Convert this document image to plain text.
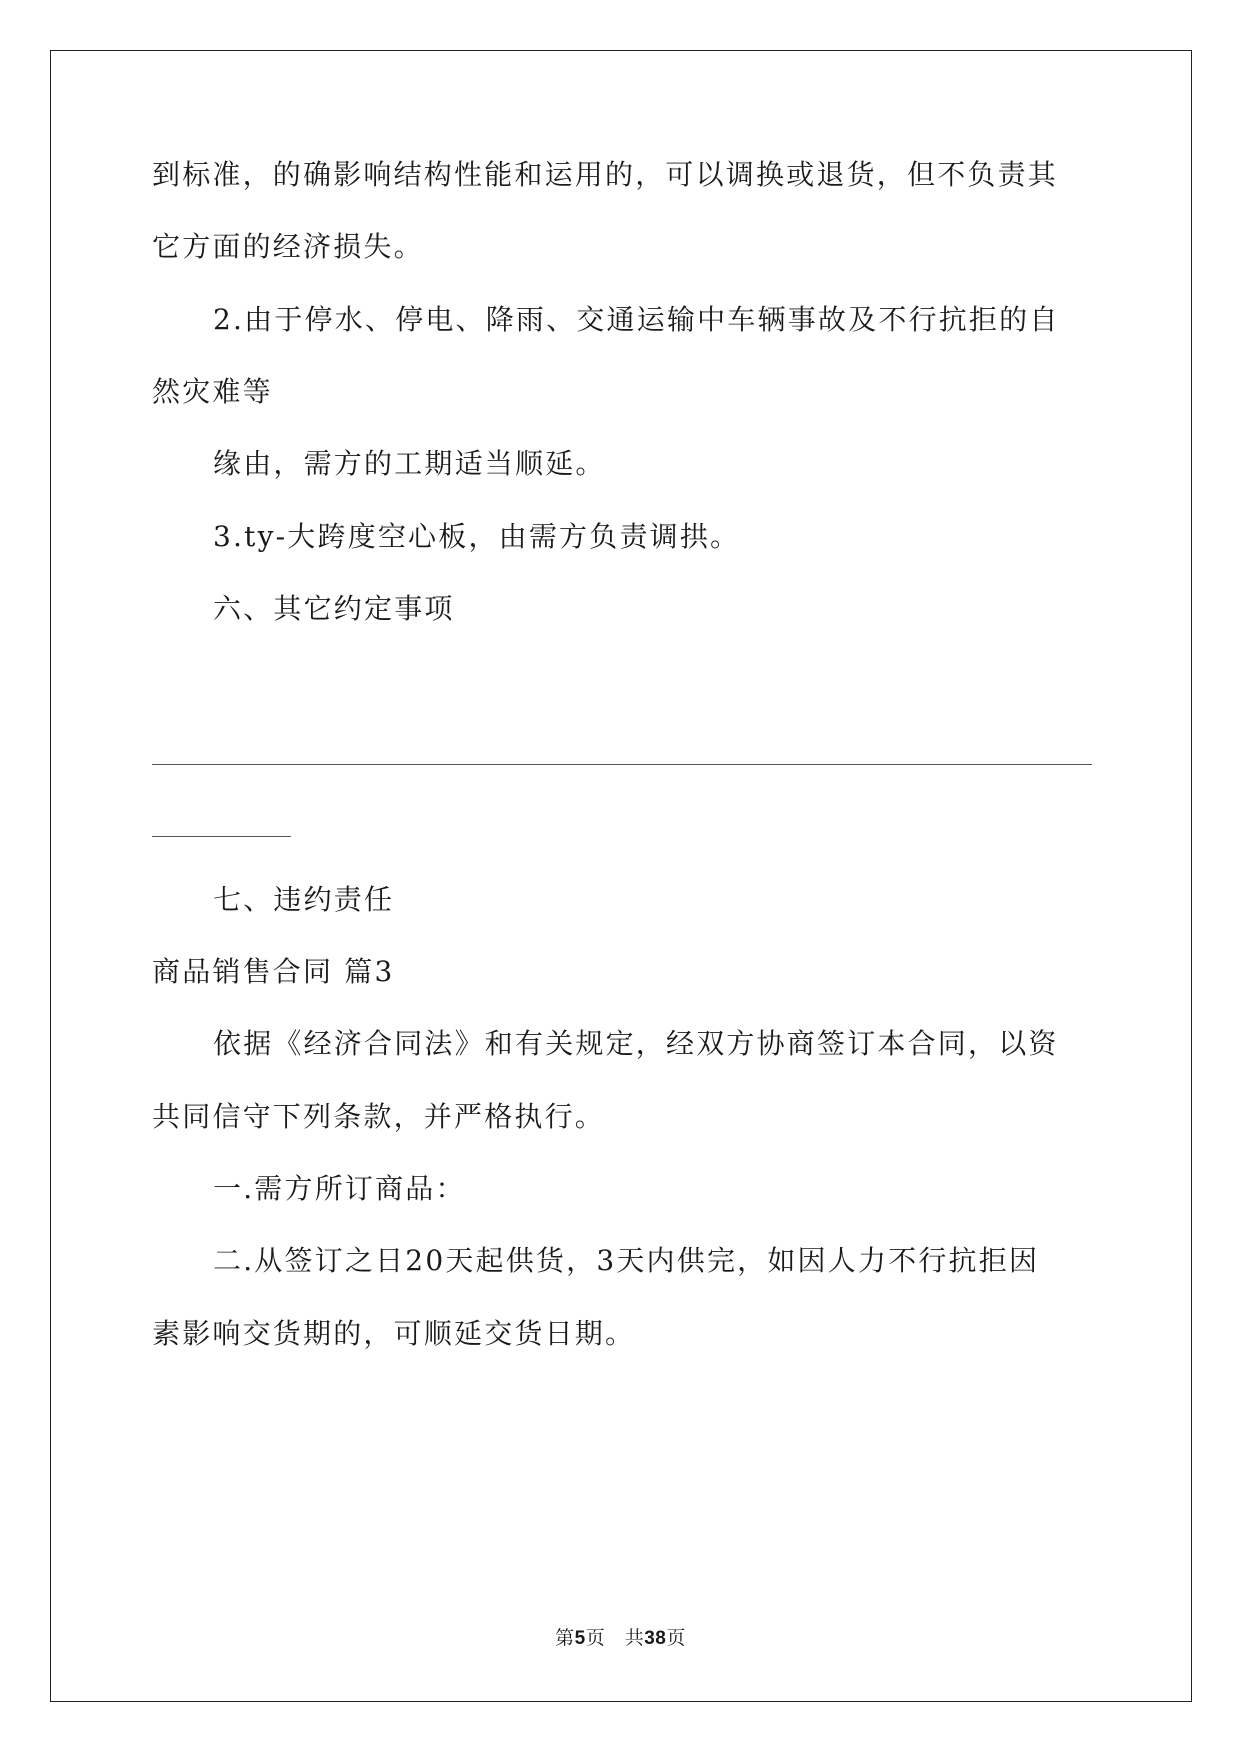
到标准，的确影响结构性能和运用的，可以调换或退货，但不负责其
它方面的经济损失。
2.由于停水、停电、降雨、交通运输中车辆事故及不行抗拒的自
然灾难等
缘由，需方的工期适当顺延。
3.ty-大跨度空心板，由需方负责调拱。
六、其它约定事项
七、违约责任
商品销售合同 篇3
依据《经济合同法》和有关规定，经双方协商签订本合同，以资
共同信守下列条款，并严格执行。
一.需方所订商品：
二.从签订之日20天起供货，3天内供完，如因人力不行抗拒因
素影响交货期的，可顺延交货日期。
第5页　共38页
